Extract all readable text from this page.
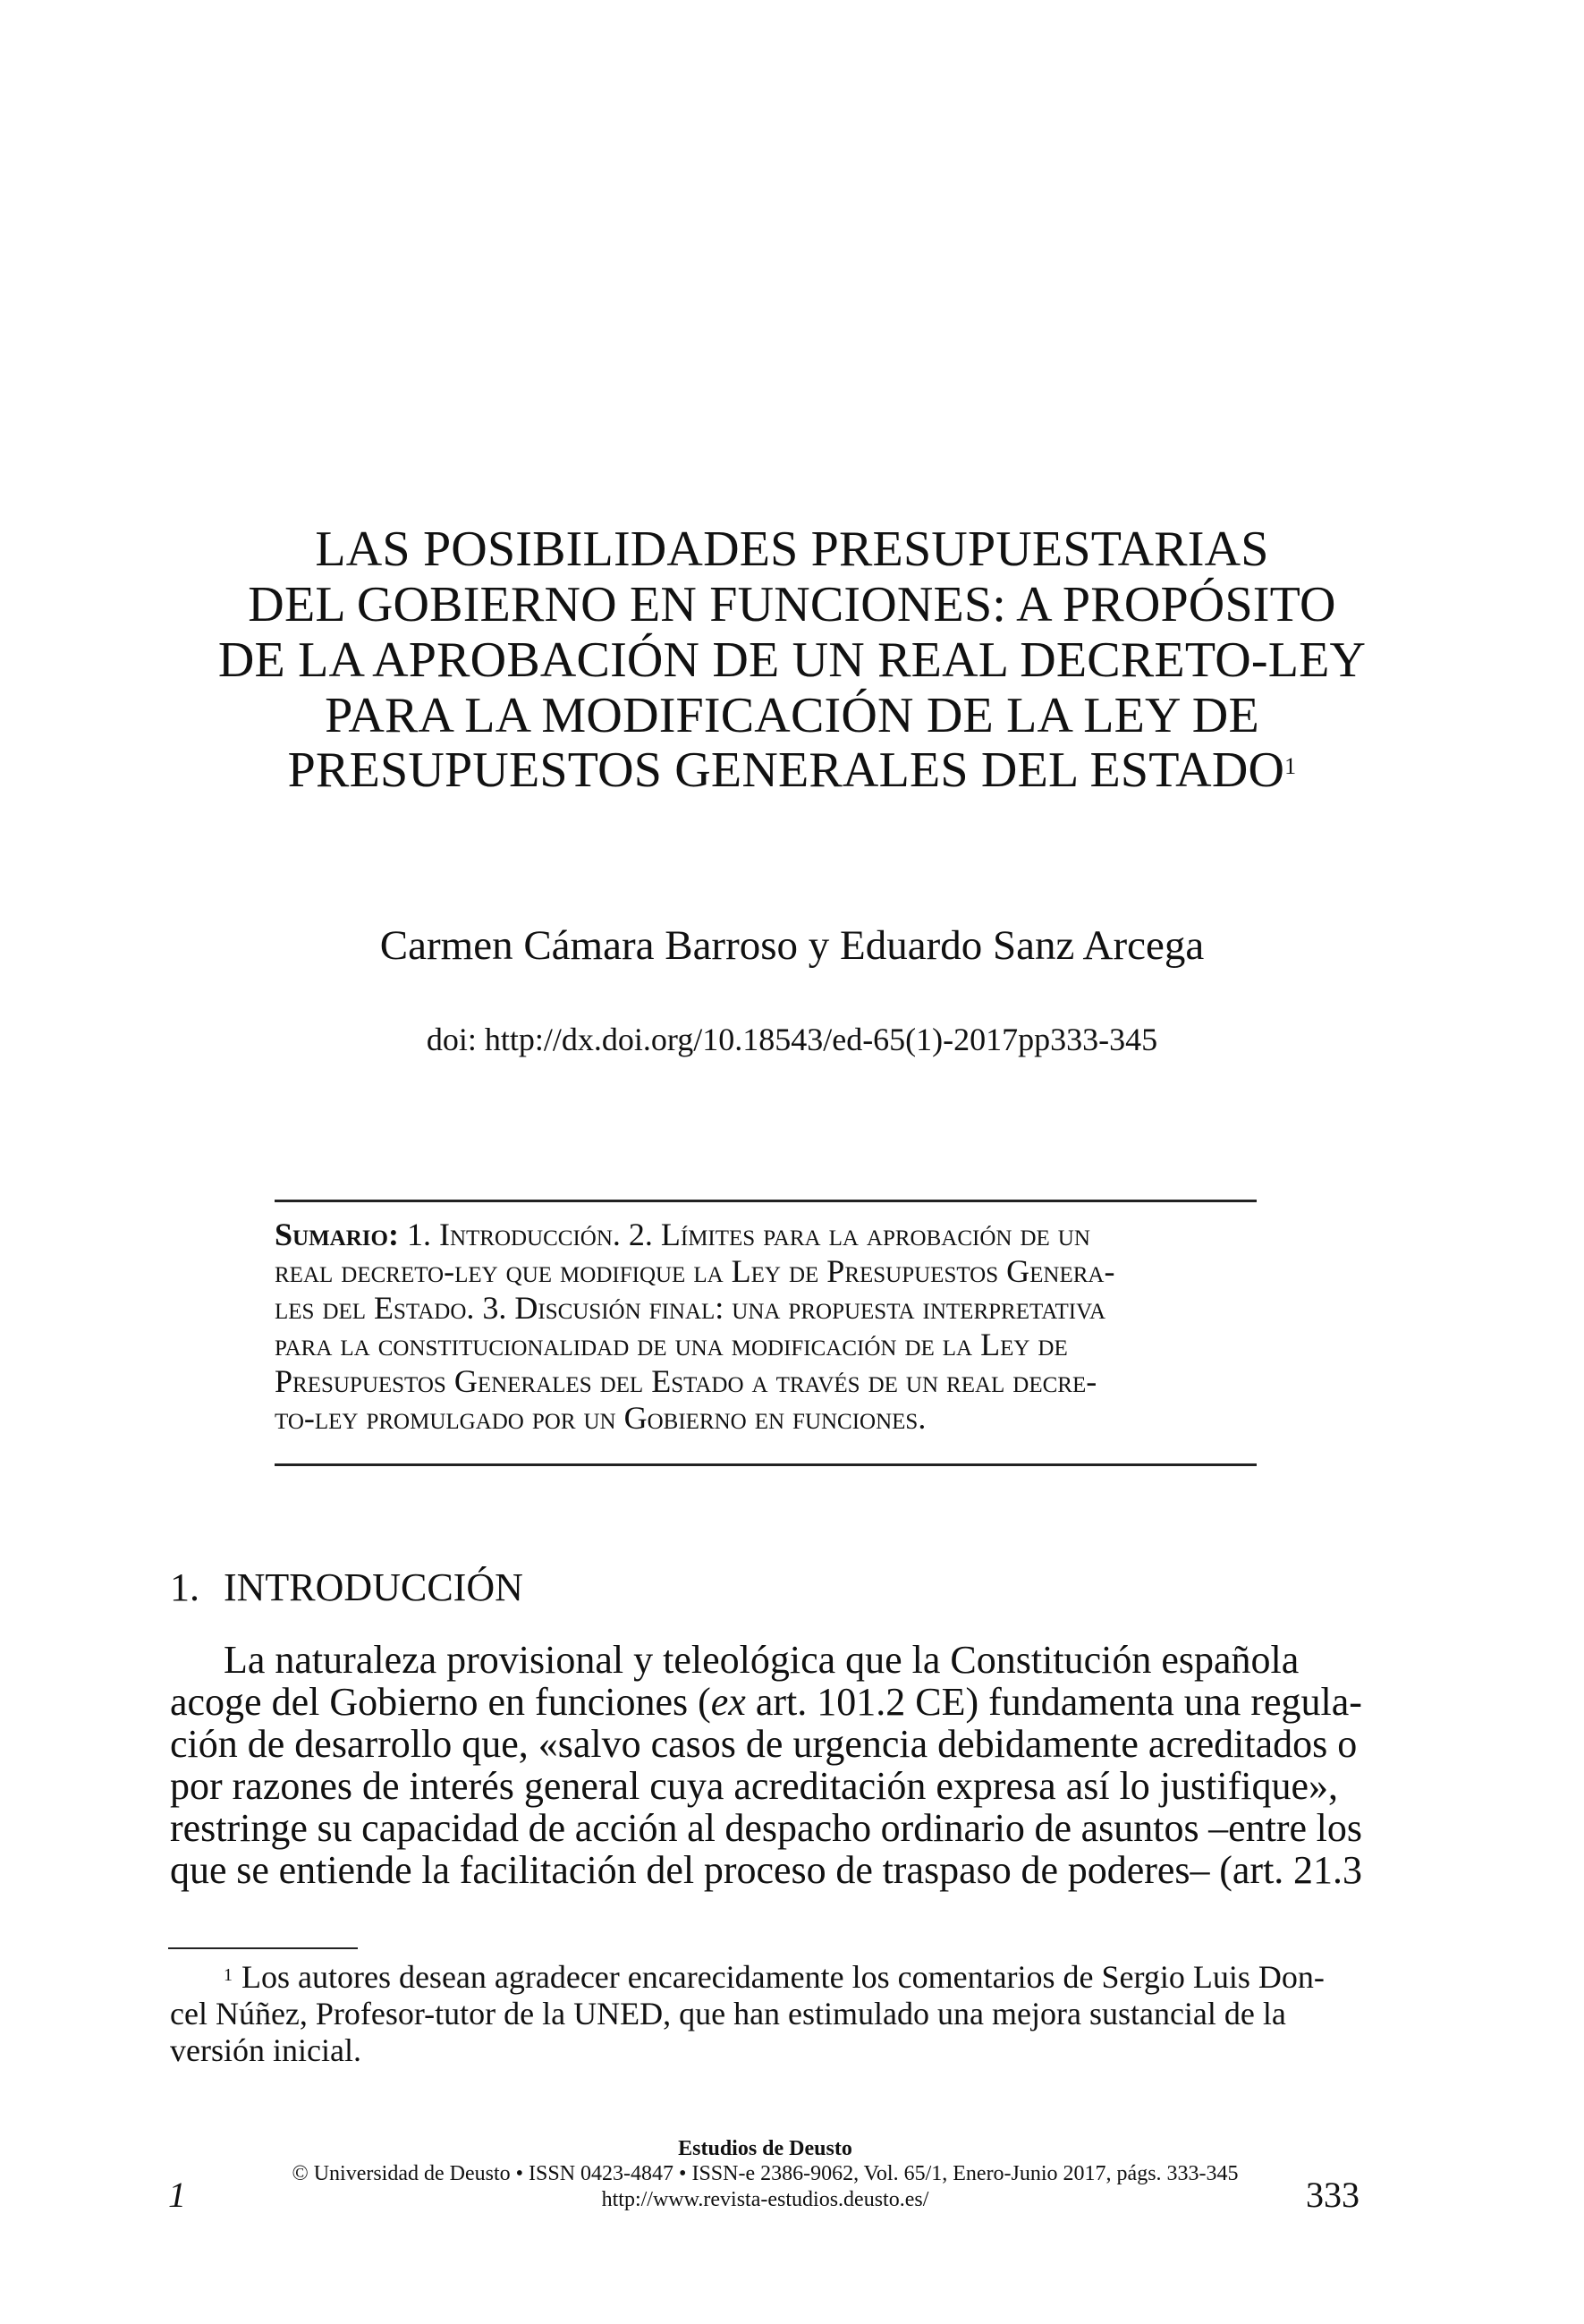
LAS POSIBILIDADES PRESUPUESTARIAS
DEL GOBIERNO EN FUNCIONES: A PROPÓSITO
DE LA APROBACIÓN DE UN REAL DECRETO-LEY
PARA LA MODIFICACIÓN DE LA LEY DE
PRESUPUESTOS GENERALES DEL ESTADO$^1$
Carmen Cámara Barroso y Eduardo Sanz Arcega
doi: http://dx.doi.org/10.18543/ed-65(1)-2017pp333-345
Sumario: 1. Introducción. 2. Límites para la aprobación de un
real decreto-ley que modifique la Ley de Presupuestos Genera-
les del Estado. 3. Discusión final: una propuesta interpretativa
para la constitucionalidad de una modificación de la Ley de
Presupuestos Generales del Estado a través de un real decre-
to-ley promulgado por un Gobierno en funciones.
1. INTRODUCCIÓN
La naturaleza provisional y teleológica que la Constitución española
acoge del Gobierno en funciones (ex art. 101.2 CE) fundamenta una regula-
ción de desarrollo que, «salvo casos de urgencia debidamente acreditados o
por razones de interés general cuya acreditación expresa así lo justifique»,
restringe su capacidad de acción al despacho ordinario de asuntos –entre los
que se entiende la facilitación del proceso de traspaso de poderes– (art. 21.3
$^1$ Los autores desean agradecer encarecidamente los comentarios de Sergio Luis Don-
cel Núñez, Profesor-tutor de la UNED, que han estimulado una mejora sustancial de la
versión inicial.
Estudios de Deusto
© Universidad de Deusto • ISSN 0423-4847 • ISSN-e 2386-9062, Vol. 65/1, Enero-Junio 2017, págs. 333-345
http://www.revista-estudios.deusto.es/
1	333
